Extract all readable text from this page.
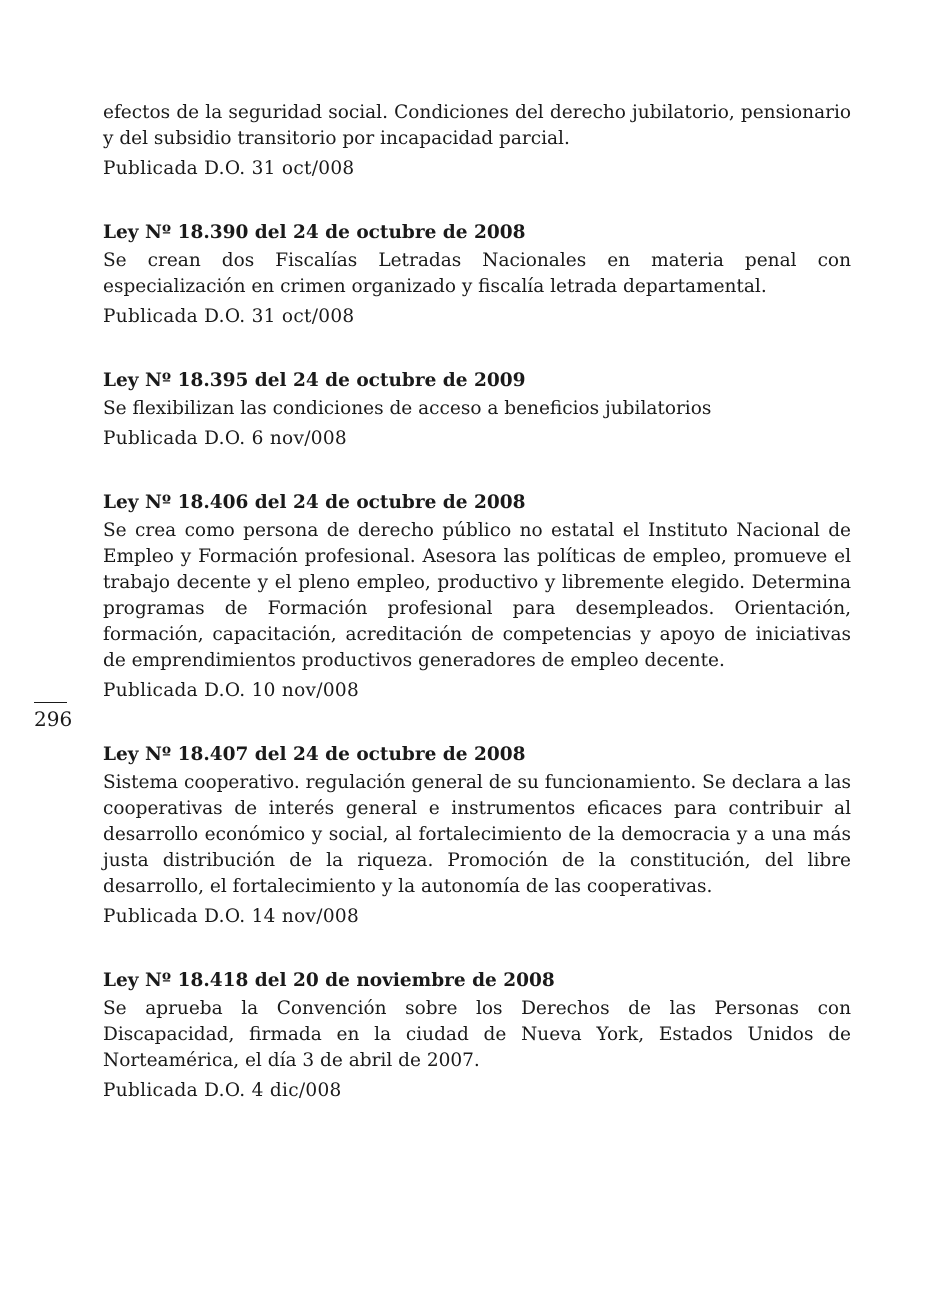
efectos de la seguridad social. Condiciones del derecho jubilatorio, pensionario y del subsidio transitorio por incapacidad parcial.

Publicada D.O. 31 oct/008

Ley Nº 18.390 del 24 de octubre de 2008

Se crean dos Fiscalías Letradas Nacionales en materia penal con especialización en crimen organizado y fiscalía letrada departamental.

Publicada D.O. 31 oct/008

Ley Nº 18.395 del 24 de octubre de 2009

Se flexibilizan las condiciones de acceso a beneficios jubilatorios

Publicada D.O. 6 nov/008

Ley Nº 18.406 del 24 de octubre de 2008

Se crea como persona de derecho público no estatal el Instituto Nacional de Empleo y Formación profesional. Asesora las políticas de empleo, promueve el trabajo decente y el pleno empleo, productivo y libremente elegido. Determina programas de Formación profesional para desempleados. Orientación, formación, capacitación, acreditación de competencias y apoyo de iniciativas de emprendimientos productivos generadores de empleo decente.

Publicada D.O. 10 nov/008

Ley Nº 18.407 del 24 de octubre de 2008

Sistema cooperativo. regulación general de su funcionamiento. Se declara a las cooperativas de interés general e instrumentos eficaces para contribuir al desarrollo económico y social, al fortalecimiento de la democracia y a una más justa distribución de la riqueza. Promoción de la constitución, del libre desarrollo, el fortalecimiento y la autonomía de las cooperativas.

Publicada D.O. 14 nov/008

Ley Nº 18.418 del 20 de noviembre de 2008

Se aprueba la Convención sobre los Derechos de las Personas con Discapacidad, firmada en la ciudad de Nueva York, Estados Unidos de Norteamérica, el día 3 de abril de 2007.

Publicada D.O. 4 dic/008

296
